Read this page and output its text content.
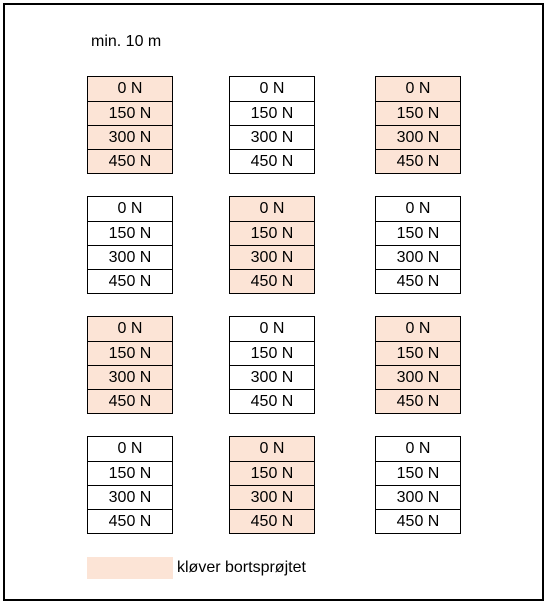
min. 10 m
0 N
150 N
300 N
450 N
0 N
150 N
300 N
450 N
0 N
150 N
300 N
450 N
0 N
150 N
300 N
450 N
0 N
150 N
300 N
450 N
0 N
150 N
300 N
450 N
0 N
150 N
300 N
450 N
0 N
150 N
300 N
450 N
0 N
150 N
300 N
450 N
0 N
150 N
300 N
450 N
0 N
150 N
300 N
450 N
0 N
150 N
300 N
450 N
kløver bortsprøjtet
